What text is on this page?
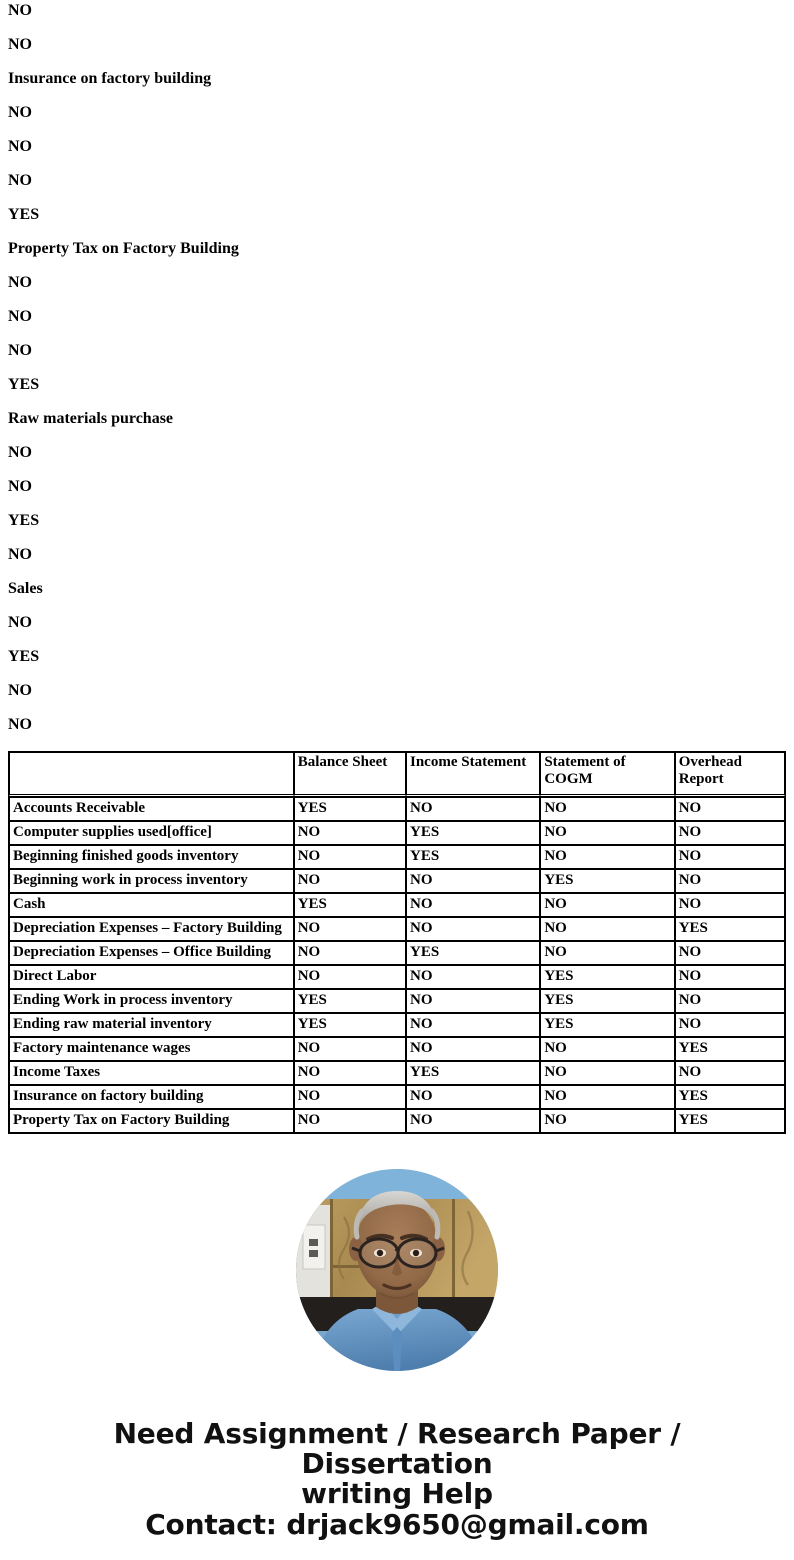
NO

NO

Insurance on factory building

NO

NO

NO

YES

Property Tax on Factory Building

NO

NO

NO

YES

Raw materials purchase

NO

NO

YES

NO

Sales

NO

YES

NO

NO

	Balance Sheet	Income Statement	Statement of COGM	Overhead Report
Accounts Receivable	YES	NO	NO	NO
Computer supplies used[office]	NO	YES	NO	NO
Beginning finished goods inventory	NO	YES	NO	NO
Beginning work in process inventory	NO	NO	YES	NO
Cash	YES	NO	NO	NO
Depreciation Expenses – Factory Building	NO	NO	NO	YES
Depreciation Expenses – Office Building	NO	YES	NO	NO
Direct Labor	NO	NO	YES	NO
Ending Work in process inventory	YES	NO	YES	NO
Ending raw material inventory	YES	NO	YES	NO
Factory maintenance wages	NO	NO	NO	YES
Income Taxes	NO	YES	NO	NO
Insurance on factory building	NO	NO	NO	YES
Property Tax on Factory Building	NO	NO	NO	YES

Need Assignment / Research Paper / Dissertation

writing Help

Contact: drjack9650@gmail.com
